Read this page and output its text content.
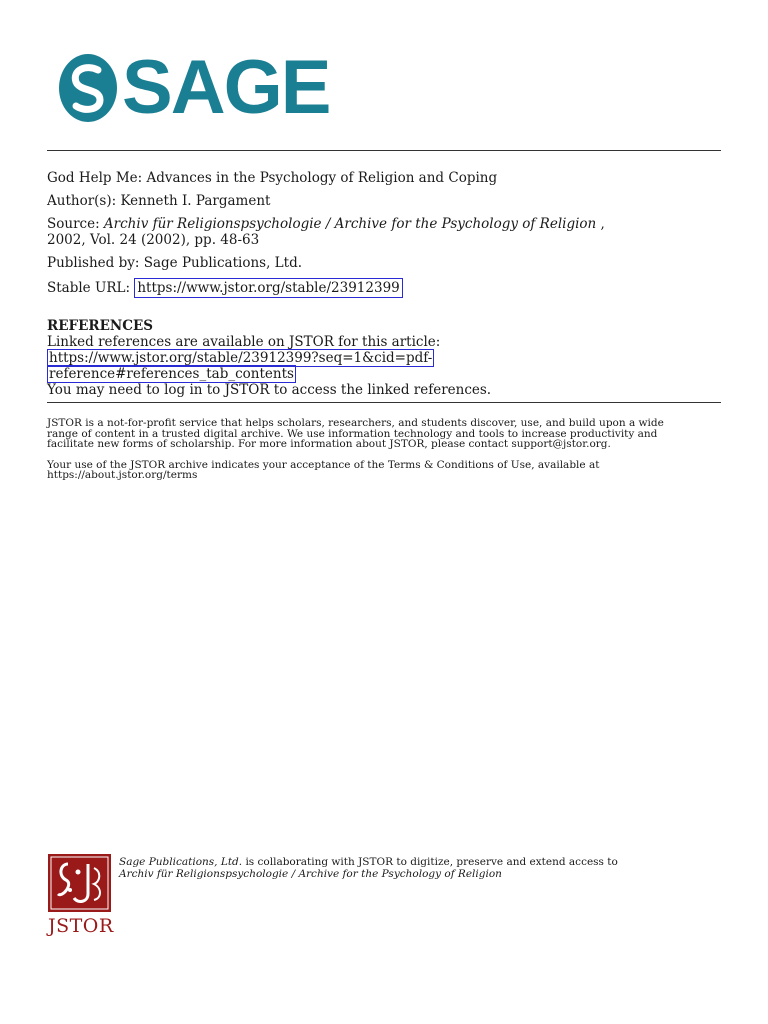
SAGE

God Help Me: Advances in the Psychology of Religion and Coping

Author(s): Kenneth I. Pargament

Source: Archiv für Religionspsychologie / Archive for the Psychology of Religion ,

2002, Vol. 24 (2002), pp. 48-63

Published by: Sage Publications, Ltd.

Stable URL: https://www.jstor.org/stable/23912399

REFERENCES

Linked references are available on JSTOR for this article:

https://www.jstor.org/stable/23912399?seq=1&cid=pdf-
reference#references_tab_contents

You may need to log in to JSTOR to access the linked references.

JSTOR is a not-for-profit service that helps scholars, researchers, and students discover, use, and build upon a wide

range of content in a trusted digital archive. We use information technology and tools to increase productivity and

facilitate new forms of scholarship. For more information about JSTOR, please contact support@jstor.org.

Your use of the JSTOR archive indicates your acceptance of the Terms & Conditions of Use, available at

https://about.jstor.org/terms

JSTOR
Sage Publications, Ltd. is collaborating with JSTOR to digitize, preserve and extend access to
Archiv für Religionspsychologie / Archive for the Psychology of Religion
